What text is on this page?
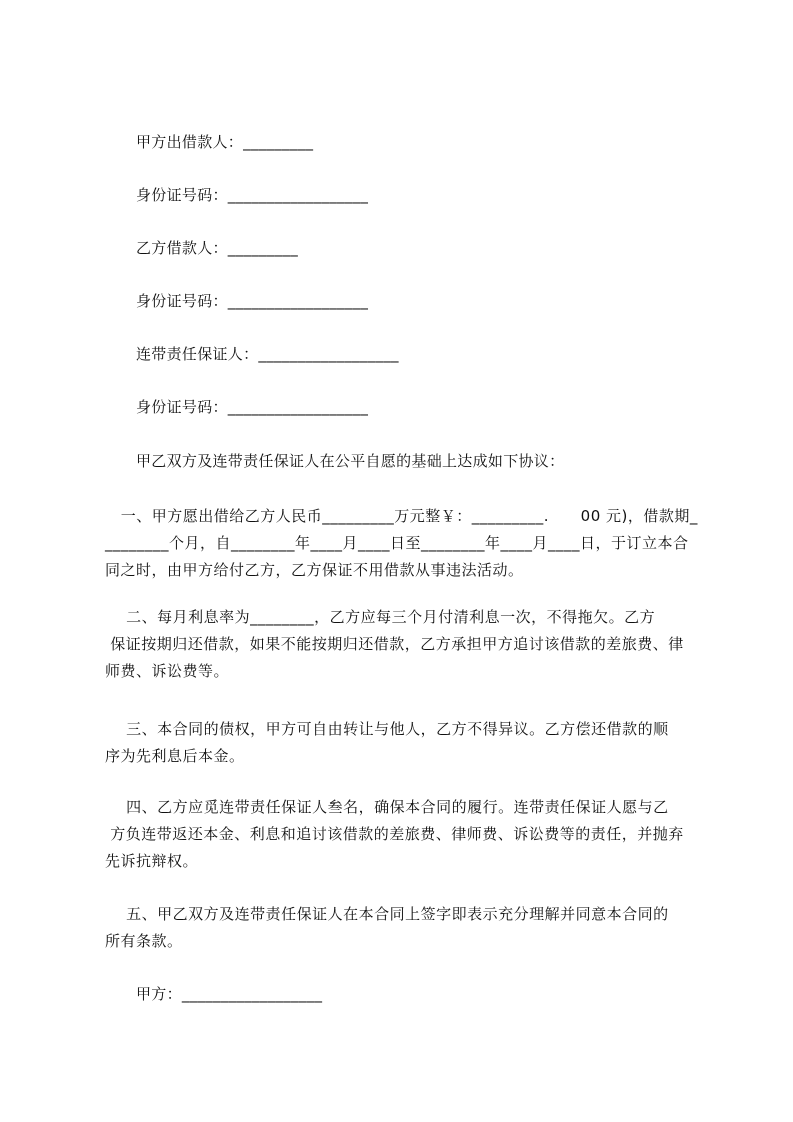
甲方出借款人：_________
身份证号码：__________________
乙方借款人：_________
身份证号码：__________________
连带责任保证人：__________________
身份证号码：__________________
甲乙双方及连带责任保证人在公平自愿的基础上达成如下协议：

一、甲方愿出借给乙方人民币_________万元整￥：_________.      00 元)，借款期_

________个月，自________年____月____日至________年____月____日，于订立本合

同之时，由甲方给付乙方，乙方保证不用借款从事违法活动。

二、每月利息率为________，乙方应每三个月付清利息一次，不得拖欠。乙方

保证按期归还借款，如果不能按期归还借款，乙方承担甲方追讨该借款的差旅费、律

师费、诉讼费等。

三、本合同的债权，甲方可自由转让与他人，乙方不得异议。乙方偿还借款的顺

序为先利息后本金。

四、乙方应觅连带责任保证人叁名，确保本合同的履行。连带责任保证人愿与乙

方负连带返还本金、利息和追讨该借款的差旅费、律师费、诉讼费等的责任，并抛弃

先诉抗辩权。

五、甲乙双方及连带责任保证人在本合同上签字即表示充分理解并同意本合同的

所有条款。

甲方：__________________
